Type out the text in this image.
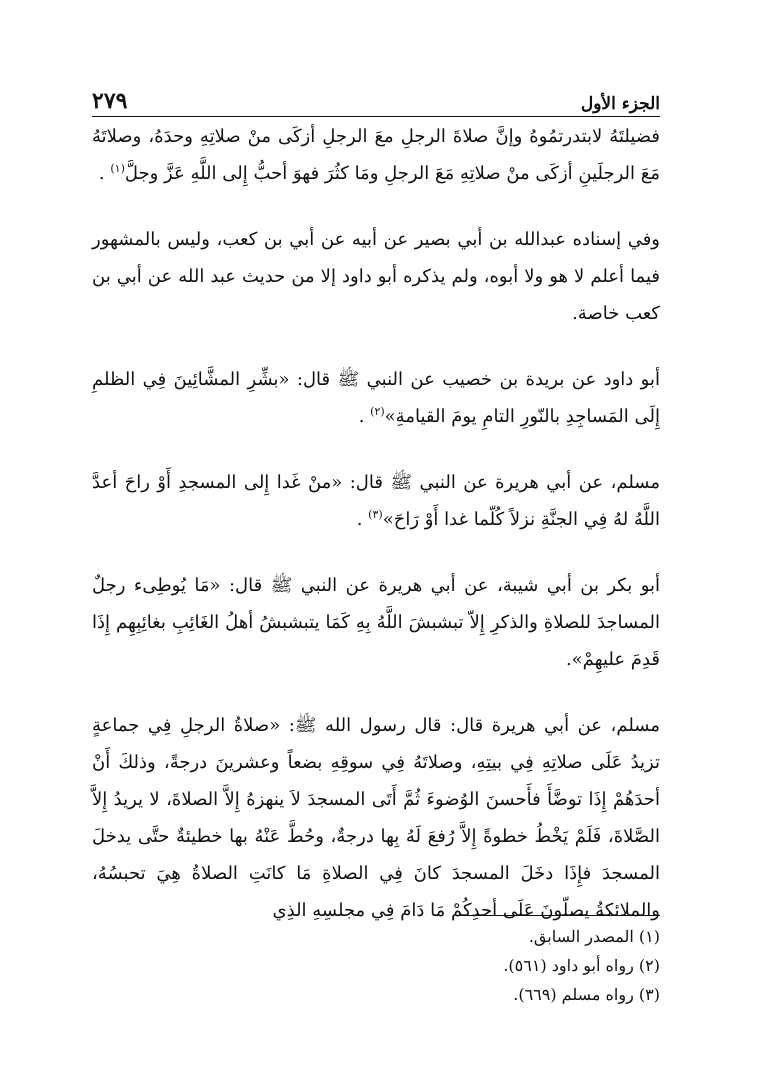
الجزء الأول
٢٧٩

فضيلتَهُ لابتدرتمُوهُ وإنَّ صلاةَ الرجلِ معَ الرجلِ أزكَى منْ صلاتِهِ وحدَهُ، وصلاتَهُ مَعَ الرجلَينِ أزكَى منْ صلاتِهِ مَعَ الرجلِ ومَا كثُرَ فهوَ أحبُّ إِلى اللَّهِ عَزَّ وجلَّ$^{(١)}$ .

وفي إسناده عبدالله بن أبي بصير عن أبيه عن أبي بن كعب، وليس بالمشهور فيما أعلم لا هو ولا أبوه، ولم يذكره أبو داود إلا من حديث عبد الله عن أبي بن كعب خاصة.

أبو داود عن بريدة بن خصيب عن النبي ﷺ قال: «بشِّرِ المشَّائِينَ فِي الظلمِ إِلَى المَساجِدِ بالنّورِ التامِ يومَ القيامةِ»$^{(٢)}$ .

مسلم، عن أبي هريرة عن النبي ﷺ قال: «منْ غَدا إِلى المسجدِ أَوْ راحَ أعدَّ اللَّهُ لهُ فِي الجنَّةِ نزلاً كُلّما غدا أَوْ رَاحَ»$^{(٣)}$ .

أبو بكر بن أبي شيبة، عن أبي هريرة عن النبي ﷺ قال: «مَا يُوطِىء رجلٌ المساجدَ للصلاةِ والذكرِ إِلاّ تبشبشَ اللَّهُ بِهِ كَمَا يتبشبشُ أهلُ الغَائِبِ بغائِبِهِم إِذَا قَدِمَ عليهِمْ».

مسلم، عن أبي هريرة قال: قال رسول الله ﷺ: «صلاةُ الرجلِ فِي جماعةٍ تزيدُ عَلَى صلاتِهِ فِي بيتِهِ، وصلاتَهُ فِي سوقِهِ بضعاً وعشرينَ درجةً، وذلكَ أَنْ أحدَهُمْ إِذَا توضَّأَ فأَحسنَ الوُضوءَ ثُمَّ أَتَى المسجدَ لاَ ينهزهُ إِلاَّ الصلاةَ، لا يريدُ إِلاَّ الصَّلاةَ، فَلَمْ يَخْطُ خطوةً إِلاَّ رُفعَ لَهُ بِها درجةٌ، وحُطَّ عَنْهُ بها خطيئةٌ حتَّى يدخلَ المسجدَ فإِذَا دخَلَ المسجدَ كانَ فِي الصلاةِ مَا كانَتِ الصلاةُ هِيَ تحبسُهُ، والملائكةُ يصلّونَ عَلَى أحدِكُمْ مَا دَامَ فِي مجلسِهِ الذِي

(١) المصدر السابق.
(٢) رواه أبو داود (٥٦١).
(٣) رواه مسلم (٦٦٩).
